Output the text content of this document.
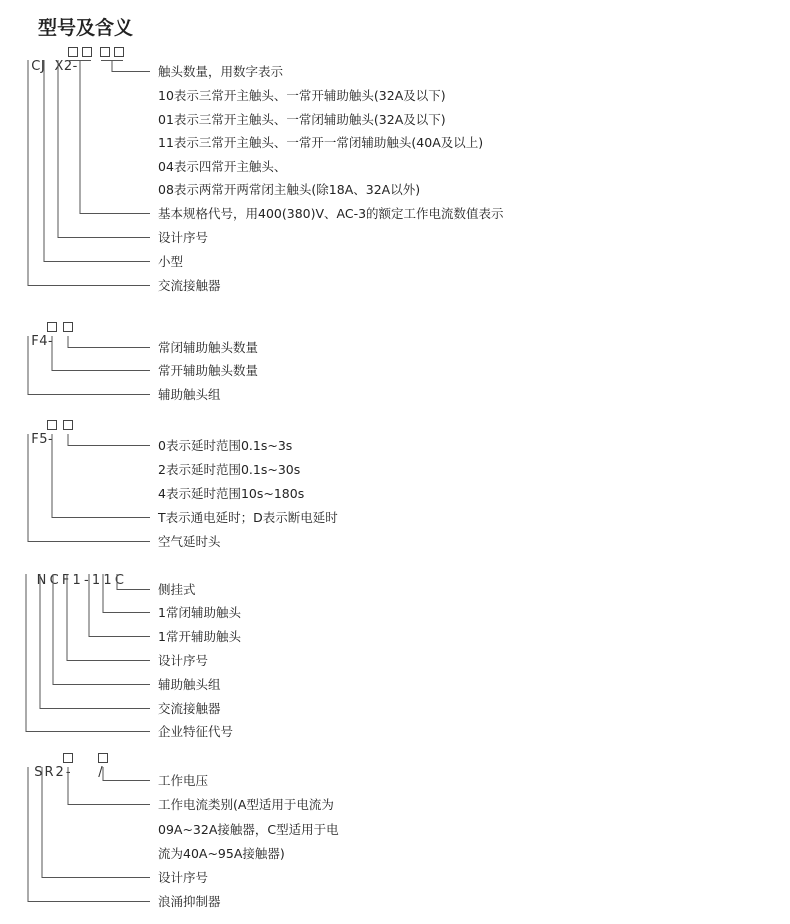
型号及含义

CJ  X2-

F4-

F5-

NCF1-11C

SR2-	/

触头数量，用数字表示
10表示三常开主触头、一常开辅助触头(32A及以下)
01表示三常开主触头、一常闭辅助触头(32A及以下)
11表示三常开主触头、一常开一常闭辅助触头(40A及以上)
04表示四常开主触头、
08表示两常开两常闭主触头(除18A、32A以外)
基本规格代号，用400(380)V、AC-3的额定工作电流数值表示
设计序号
小型
交流接触器
常闭辅助触头数量
常开辅助触头数量
辅助触头组
0表示延时范围0.1s~3s
2表示延时范围0.1s~30s
4表示延时范围10s~180s
T表示通电延时；D表示断电延时
空气延时头
侧挂式
1常闭辅助触头
1常开辅助触头
设计序号
辅助触头组
交流接触器
企业特征代号
工作电压
工作电流类别(A型适用于电流为
09A~32A接触器，C型适用于电
流为40A~95A接触器)
设计序号
浪涌抑制器
